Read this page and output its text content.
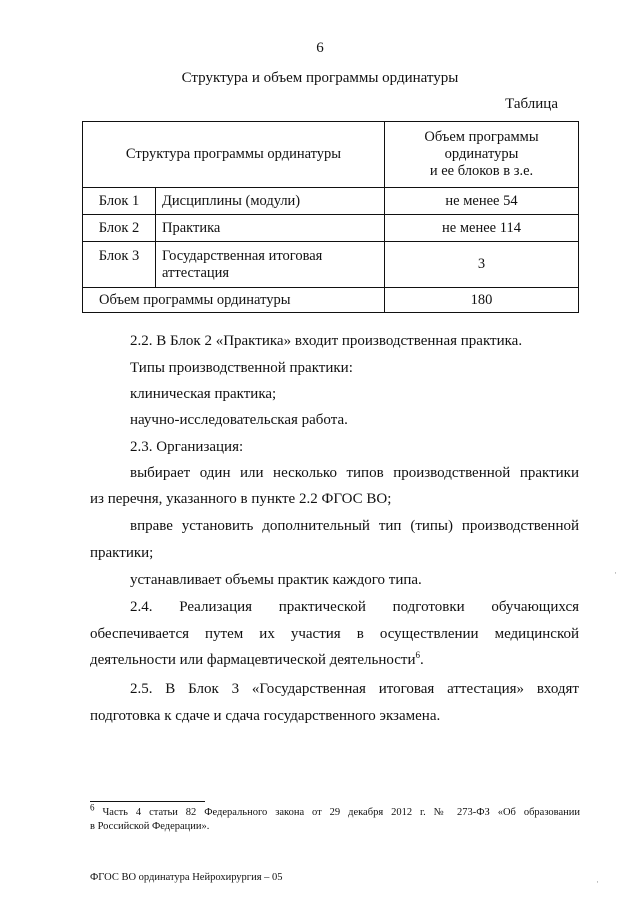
6
Структура и объем программы ординатуры
Таблица
Структура программы ординатуры		Объем программы
ординатуры
и ее блоков в з.е.
Блок 1	Дисциплины (модули)	не менее 54
Блок 2	Практика	не менее 114
Блок 3	Государственная итоговая аттестация	3
Объем программы ординатуры		180

2.2. В Блок 2 «Практика» входит производственная практика.

Типы производственной практики:

клиническая практика;

научно-исследовательская работа.

2.3. Организация:

выбирает один или несколько типов производственной практики

из перечня, указанного в пункте 2.2 ФГОС ВО;

вправе установить дополнительный тип (типы) производственной

практики;

устанавливает объемы практик каждого типа.

2.4. Реализация практической подготовки обучающихся

обеспечивается путем их участия в осуществлении медицинской

деятельности или фармацевтической деятельности$^6$.

2.5. В Блок 3 «Государственная итоговая аттестация» входят

подготовка к сдаче и сдача государственного экзамена.

$^6$ Часть 4 статьи 82 Федерального закона от 29 декабря 2012 г. № 273-ФЗ «Об образовании
в Российской Федерации».

ФГОС ВО ординатура Нейрохирургия – 05
·
·
